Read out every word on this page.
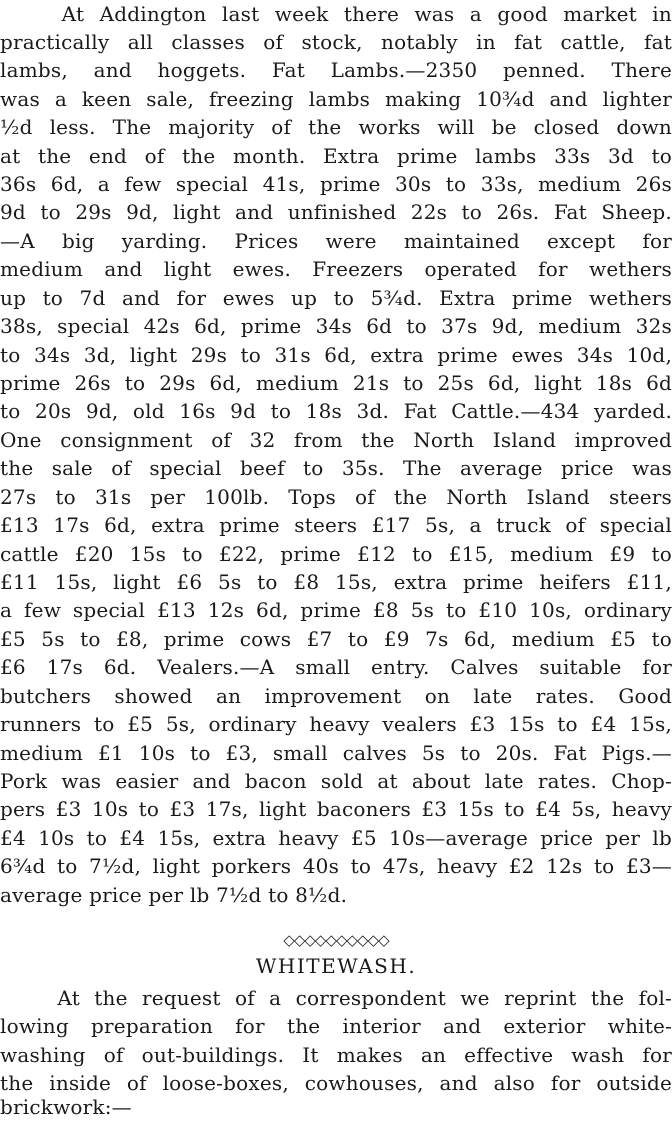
At Addington last week there was a good market in
practically all classes of stock, notably in fat cattle, fat
lambs, and hoggets. Fat Lambs.—2350 penned. There
was a keen sale, freezing lambs making 10¾d and lighter
½d less. The majority of the works will be closed down
at the end of the month. Extra prime lambs 33s 3d to
36s 6d, a few special 41s, prime 30s to 33s, medium 26s
9d to 29s 9d, light and unfinished 22s to 26s. Fat Sheep.
—A big yarding. Prices were maintained except for
medium and light ewes. Freezers operated for wethers
up to 7d and for ewes up to 5¾d. Extra prime wethers
38s, special 42s 6d, prime 34s 6d to 37s 9d, medium 32s
to 34s 3d, light 29s to 31s 6d, extra prime ewes 34s 10d,
prime 26s to 29s 6d, medium 21s to 25s 6d, light 18s 6d
to 20s 9d, old 16s 9d to 18s 3d. Fat Cattle.—434 yarded.
One consignment of 32 from the North Island improved
the sale of special beef to 35s. The average price was
27s to 31s per 100lb. Tops of the North Island steers
£13 17s 6d, extra prime steers £17 5s, a truck of special
cattle £20 15s to £22, prime £12 to £15, medium £9 to
£11 15s, light £6 5s to £8 15s, extra prime heifers £11,
a few special £13 12s 6d, prime £8 5s to £10 10s, ordinary
£5 5s to £8, prime cows £7 to £9 7s 6d, medium £5 to
£6 17s 6d. Vealers.—A small entry. Calves suitable for
butchers showed an improvement on late rates. Good
runners to £5 5s, ordinary heavy vealers £3 15s to £4 15s,
medium £1 10s to £3, small calves 5s to 20s. Fat Pigs.—
Pork was easier and bacon sold at about late rates. Chop-
pers £3 10s to £3 17s, light baconers £3 15s to £4 5s, heavy
£4 10s to £4 15s, extra heavy £5 10s—average price per lb
6¾d to 7½d, light porkers 40s to 47s, heavy £2 12s to £3—
average price per lb 7½d to 8½d.
◇◇◇◇◇◇◇◇◇◇
WHITEWASH.
At the request of a correspondent we reprint the fol-
lowing preparation for the interior and exterior white-
washing of out-buildings. It makes an effective wash for
the inside of loose-boxes, cowhouses, and also for outside
brickwork:—
